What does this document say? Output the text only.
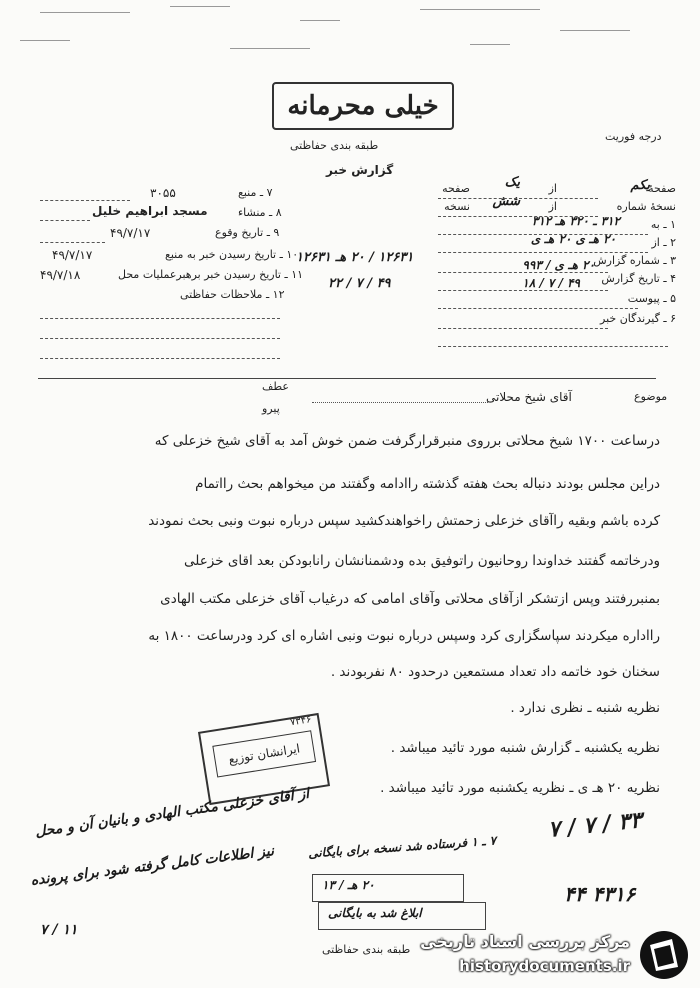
خیلی محرمانه
طبقه بندی حفاظتی
گزارش خبر
درجه فوریت
صفحهٔ
یکم
از
یک
صفحه
نسخهٔ شماره
از
شش
نسخه
۱ ـ به
۳۱۲ ـ ۳۲۰ هـ ۳۱۲
۲ ـ از
۲۰ هـ ی ۲۰ هـ ی
۳ ـ شماره گزارش
۲۰ هـ ی / ۹۹۳
۴ ـ تاریخ گزارش
۴۹ / ۷ / ۱۸
۵ ـ پیوست
۶ ـ گیرندگان خبر
۷ ـ منبع
۳۰۵۵
۸ ـ منشاء
مسجد ابراهیم خلیل
۹ ـ تاریخ وقوع
۴۹/۷/۱۷
۱۰ ـ تاریخ رسیدن خبر به منبع
۴۹/۷/۱۷
۱۱ ـ تاریخ رسیدن خبر برهبرعملیات محل
۴۹/۷/۱۸
۱۲ ـ ملاحظات حفاظتی
۱۲۶۳۱ / ۲۰ هـ ۱۲۶۳۱
۴۹ / ۷ / ۲۲
موضوع
آقای شیخ محلاتی
عطف
پیرو
درساعت ۱۷۰۰ شیخ محلاتی برروی منبرقرارگرفت ضمن خوش آمد به آقای شیخ خزعلی که
دراین مجلس بودند دنباله بحث هفته گذشته راادامه وگفتند من میخواهم بحث رااتمام
کرده باشم وبقیه راآقای خزعلی زحمتش راخواهندکشید سپس درباره نبوت ونبی بحث نمودند
ودرخاتمه گفتند خداوندا روحانیون راتوفیق بده ودشمنانشان رانابودکن بعد اقای خزعلی
بمنبررفتند وپس ازتشکر ازآقای محلاتی وآقای امامی که درغیاب آقای خزعلی مکتب الهادی
رااداره میکردند سپاسگزاری کرد وسپس درباره نبوت ونبی اشاره ای کرد ودرساعت ۱۸۰۰ به
سخنان خود خاتمه داد تعداد مستمعین درحدود ۸۰ نفربودند .
نظریه شنبه ـ نظری ندارد .
نظریه یکشنبه ـ گزارش شنبه مورد تائید میباشد .
نظریه ۲۰ هـ ی ـ نظریه یکشنبه مورد تائید میباشد .
۷۳۴۶
ایرانشان توزیع
از آقای خزعلی مکتب الهادی و بانیان آن و محل
نیز اطلاعات کامل گرفته شود برای پرونده
۱۱ / ۷
۷ ـ ۱ فرستاده شد نسخه برای بایگانی
۲۰ هـ / ۱۳
ابلاغ شد به بایگانی
۳۳ / ۷ / ۷
۴۳۱۶ ۴۴
طبقه بندی حفاظتی مرکز بررسی اسناد تاریخی
historydocuments.ir
